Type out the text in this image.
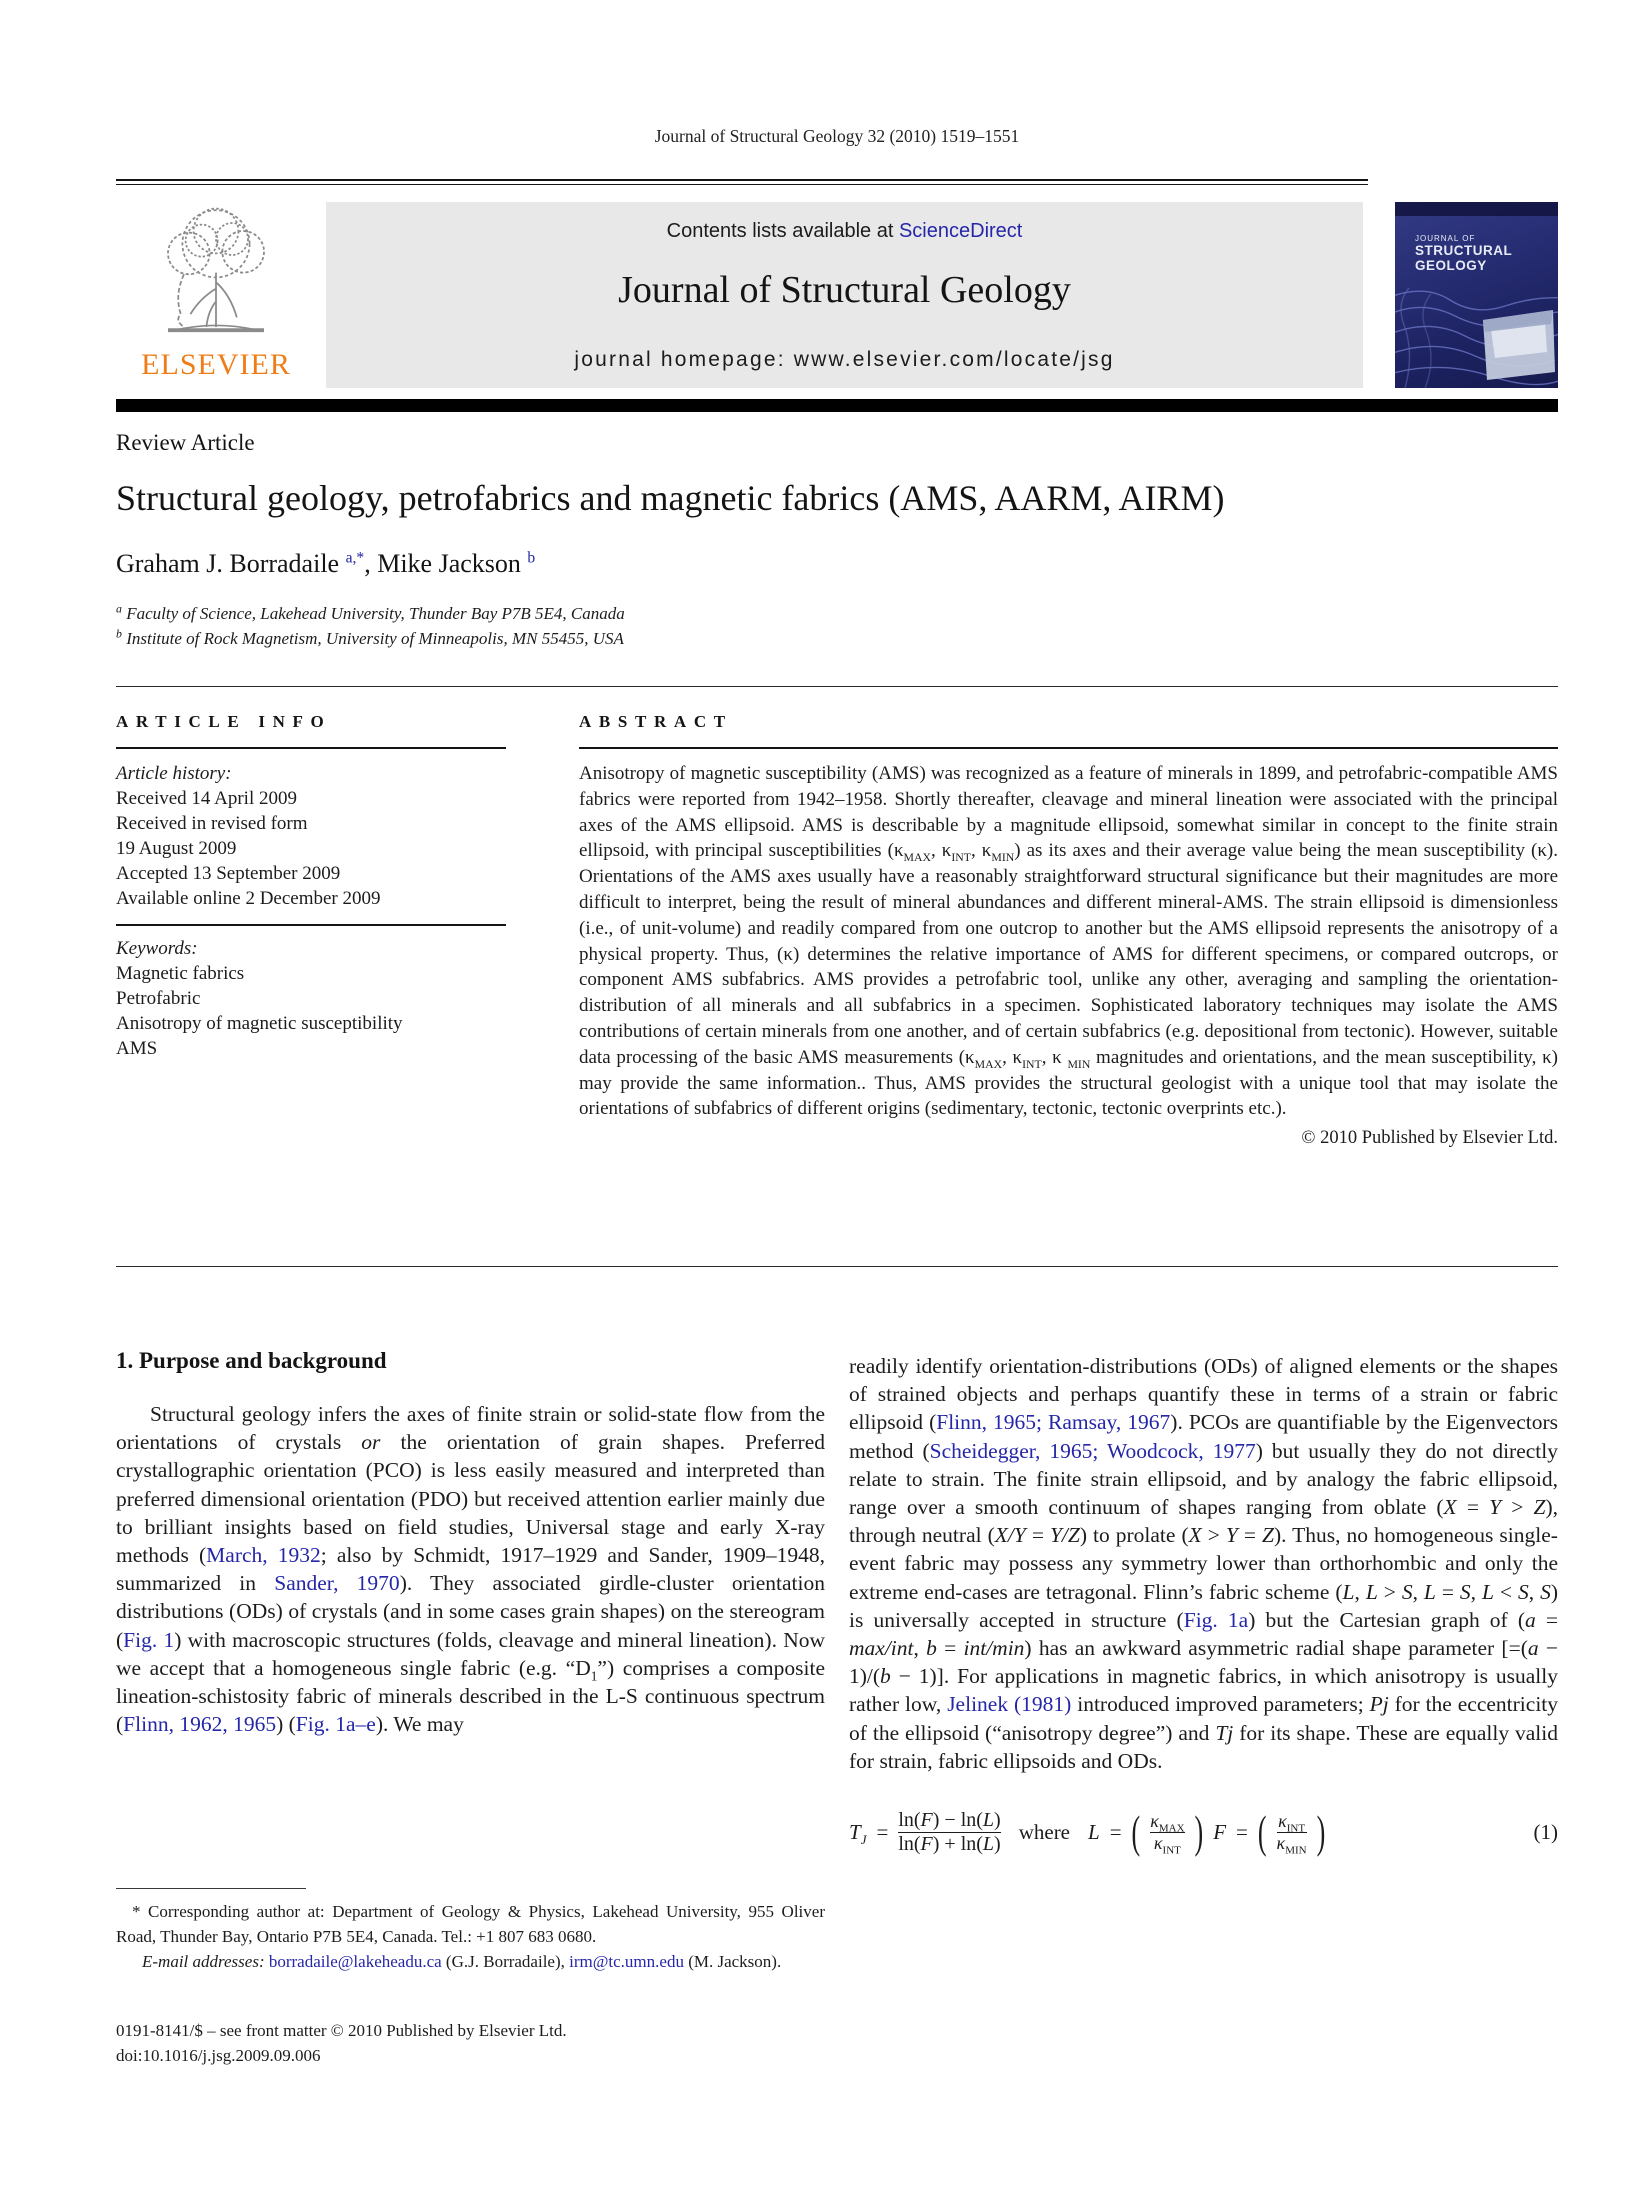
Journal of Structural Geology 32 (2010) 1519–1551
ELSEVIER
Contents lists available at ScienceDirect
Journal of Structural Geology
journal homepage: www.elsevier.com/locate/jsg
JOURNAL OF
STRUCTURAL
GEOLOGY
Review Article
Structural geology, petrofabrics and magnetic fabrics (AMS, AARM, AIRM)
Graham J. Borradaile $^{a,*}$, Mike Jackson $^b$
$^a$ Faculty of Science, Lakehead University, Thunder Bay P7B 5E4, Canada
$^b$ Institute of Rock Magnetism, University of Minneapolis, MN 55455, USA
ARTICLE INFO
Article history:
Received 14 April 2009
Received in revised form
19 August 2009
Accepted 13 September 2009
Available online 2 December 2009
Keywords:
Magnetic fabrics
Petrofabric
Anisotropy of magnetic susceptibility
AMS
ABSTRACT
Anisotropy of magnetic susceptibility (AMS) was recognized as a feature of minerals in 1899, and petrofabric-compatible AMS fabrics were reported from 1942–1958. Shortly thereafter, cleavage and mineral lineation were associated with the principal axes of the AMS ellipsoid. AMS is describable by a magnitude ellipsoid, somewhat similar in concept to the finite strain ellipsoid, with principal susceptibilities ($\kappa_{MAX}$, $\kappa_{INT}$, $\kappa_{MIN}$) as its axes and their average value being the mean susceptibility (κ). Orientations of the AMS axes usually have a reasonably straightforward structural significance but their magnitudes are more difficult to interpret, being the result of mineral abundances and different mineral-AMS. The strain ellipsoid is dimensionless (i.e., of unit-volume) and readily compared from one outcrop to another but the AMS ellipsoid represents the anisotropy of a physical property. Thus, (κ) determines the relative importance of AMS for different specimens, or compared outcrops, or component AMS subfabrics. AMS provides a petrofabric tool, unlike any other, averaging and sampling the orientation-distribution of all minerals and all subfabrics in a specimen. Sophisticated laboratory techniques may isolate the AMS contributions of certain minerals from one another, and of certain subfabrics (e.g. depositional from tectonic). However, suitable data processing of the basic AMS measurements ($\kappa_{MAX}$, $\kappa_{INT}$, κ $_{MIN}$ magnitudes and orientations, and the mean susceptibility, κ) may provide the same information.. Thus, AMS provides the structural geologist with a unique tool that may isolate the orientations of subfabrics of different origins (sedimentary, tectonic, tectonic overprints etc.).
© 2010 Published by Elsevier Ltd.
1. Purpose and background

Structural geology infers the axes of finite strain or solid-state flow from the orientations of crystals or the orientation of grain shapes. Preferred crystallographic orientation (PCO) is less easily measured and interpreted than preferred dimensional orientation (PDO) but received attention earlier mainly due to brilliant insights based on field studies, Universal stage and early X-ray methods (March, 1932; also by Schmidt, 1917–1929 and Sander, 1909–1948, summarized in Sander, 1970). They associated girdle-cluster orientation distributions (ODs) of crystals (and in some cases grain shapes) on the stereogram (Fig. 1) with macroscopic structures (folds, cleavage and mineral lineation). Now we accept that a homogeneous single fabric (e.g. “$D_1$”) comprises a composite lineation-schistosity fabric of minerals described in the L-S continuous spectrum (Flinn, 1962, 1965) (Fig. 1a–e). We may

readily identify orientation-distributions (ODs) of aligned elements or the shapes of strained objects and perhaps quantify these in terms of a strain or fabric ellipsoid (Flinn, 1965; Ramsay, 1967). PCOs are quantifiable by the Eigenvectors method (Scheidegger, 1965; Woodcock, 1977) but usually they do not directly relate to strain. The finite strain ellipsoid, and by analogy the fabric ellipsoid, range over a smooth continuum of shapes ranging from oblate (X = Y > Z), through neutral (X/Y = Y/Z) to prolate (X > Y = Z). Thus, no homogeneous single-event fabric may possess any symmetry lower than orthorhombic and only the extreme end-cases are tetragonal. Flinn’s fabric scheme (L, L > S, L = S, L < S, S) is universally accepted in structure (Fig. 1a) but the Cartesian graph of (a = max/int, b = int/min) has an awkward asymmetric radial shape parameter [=(a − 1)/(b − 1)]. For applications in magnetic fabrics, in which anisotropy is usually rather low, Jelinek (1981) introduced improved parameters; Pj for the eccentricity of the ellipsoid (“anisotropy degree”) and Tj for its shape. These are equally valid for strain, fabric ellipsoids and ODs.

$T_J = \frac{\ln(F) - \ln(L)}{\ln(F) + \ln(L)}$ where L = ( $\frac{\kappa_{MAX}}{\kappa_{INT}}$ ) F = ( $\frac{\kappa_{INT}}{\kappa_{MIN}}$ )	(1)
* Corresponding author at: Department of Geology & Physics, Lakehead University, 955 Oliver Road, Thunder Bay, Ontario P7B 5E4, Canada. Tel.: +1 807 683 0680.
E-mail addresses: borradaile@lakeheadu.ca (G.J. Borradaile), irm@tc.umn.edu (M. Jackson).
0191-8141/$ – see front matter © 2010 Published by Elsevier Ltd.
doi:10.1016/j.jsg.2009.09.006
